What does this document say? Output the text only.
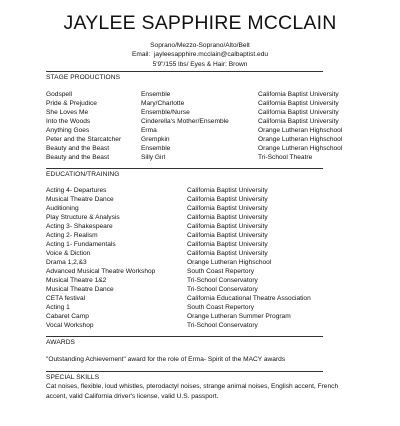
JAYLEE SAPPHIRE MCCLAIN
Soprano/Mezzo-Soprano/Alto/Belt
Email: jayleesapphire.mcclain@calbaptist.edu
5'9"/155 lbs/ Eyes & Hair: Brown
STAGE PRODUCTIONS
Godspell	Ensemble	California Baptist University
Pride & Prejudice	Mary/Charlotte	California Baptist University
She Loves Me	Ensemble/Nurse	California Baptist University
Into the Woods	Cinderella's Mother/Ensemble	California Baptist University
Anything Goes	Erma	Orange Lutheran Highschool
Peter and the Starcatcher	Grempkin	Orange Lutheran Highschool
Beauty and the Beast	Ensemble	Orange Lutheran Highschool
Beauty and the Beast	Silly Girl	Tri-School Theatre
EDUCATION/TRAINING
Acting 4- Departures	California Baptist University
Musical Theatre Dance	California Baptist University
Auditioning	California Baptist University
Play Structure & Analysis	California Baptist University
Acting 3- Shakespeare	California Baptist University
Acting 2- Realism	California Baptist University
Acting 1- Fundamentals	California Baptist University
Voice & Diction	California Baptist University
Drama 1,2,&3	Orange Lutheran Highschool
Advanced Musical Theatre Workshop	South Coast Repertory
Musical Theatre 1&2	Tri-School Conservatory
Musical Theatre Dance	Tri-School Conservatory
CETA festival	California Educational Theatre Association
Acting 1	South Coast Repertory
Cabaret Camp	Orange Lutheran Summer Program
Vocal Workshop	Tri-School Conservatory
AWARDS
"Outstanding Achievement" award for the role of Erma- Spirit of the MACY awards
SPECIAL SKILLS
Cat noises, flexible, loud whistles, pterodactyl noises, strange animal noises, English accent, French accent, valid California driver's license, valid U.S. passport.
